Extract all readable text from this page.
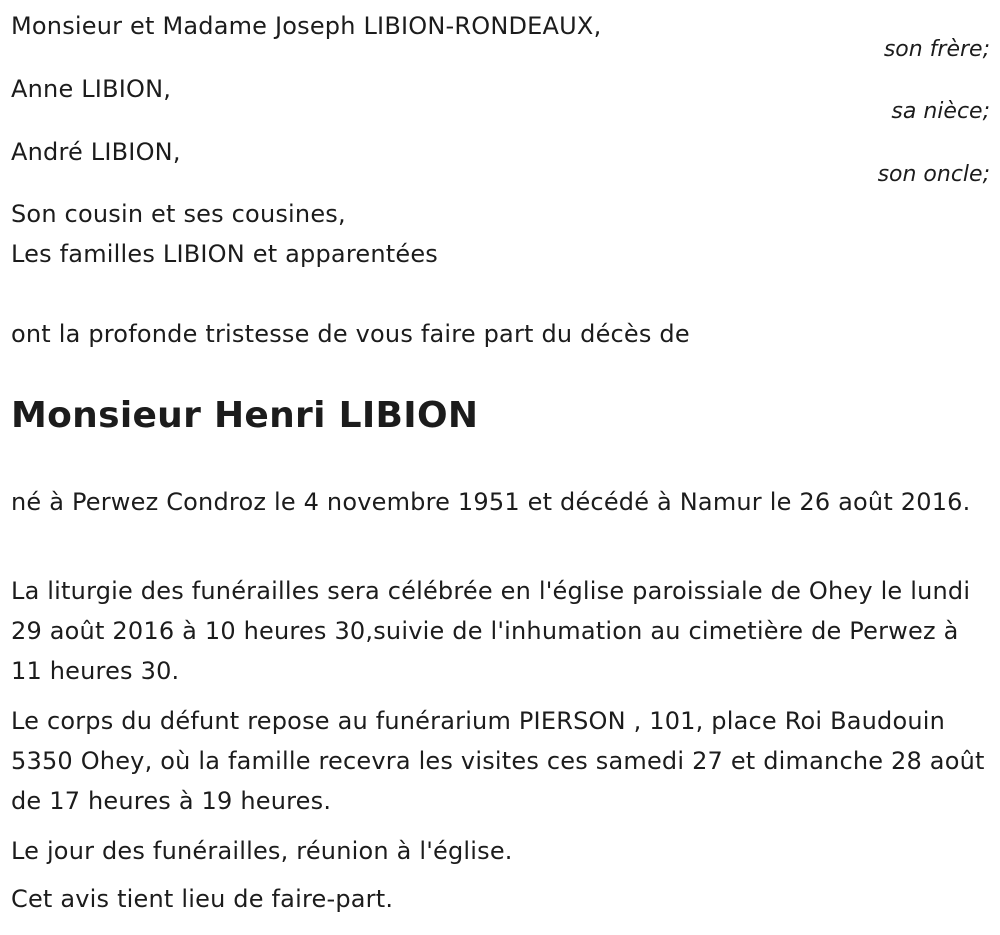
Monsieur et Madame Joseph LIBION-RONDEAUX,
son frère;
Anne LIBION,
sa nièce;
André LIBION,
son oncle;
Son cousin et ses cousines,
Les familles LIBION et apparentées
ont la profonde tristesse de vous faire part du décès de
Monsieur Henri LIBION
né à Perwez Condroz le 4 novembre 1951 et décédé à Namur le 26 août 2016.
La liturgie des funérailles sera célébrée en l'église paroissiale de Ohey le lundi 29 août 2016 à 10 heures 30,suivie de l'inhumation au cimetière de Perwez à 11 heures 30.
Le corps du défunt repose au funérarium PIERSON , 101, place Roi Baudouin 5350 Ohey, où la famille recevra les visites ces samedi 27 et dimanche 28 août de 17 heures à 19 heures.
Le jour des funérailles, réunion à l'église.
Cet avis tient lieu de faire-part.
